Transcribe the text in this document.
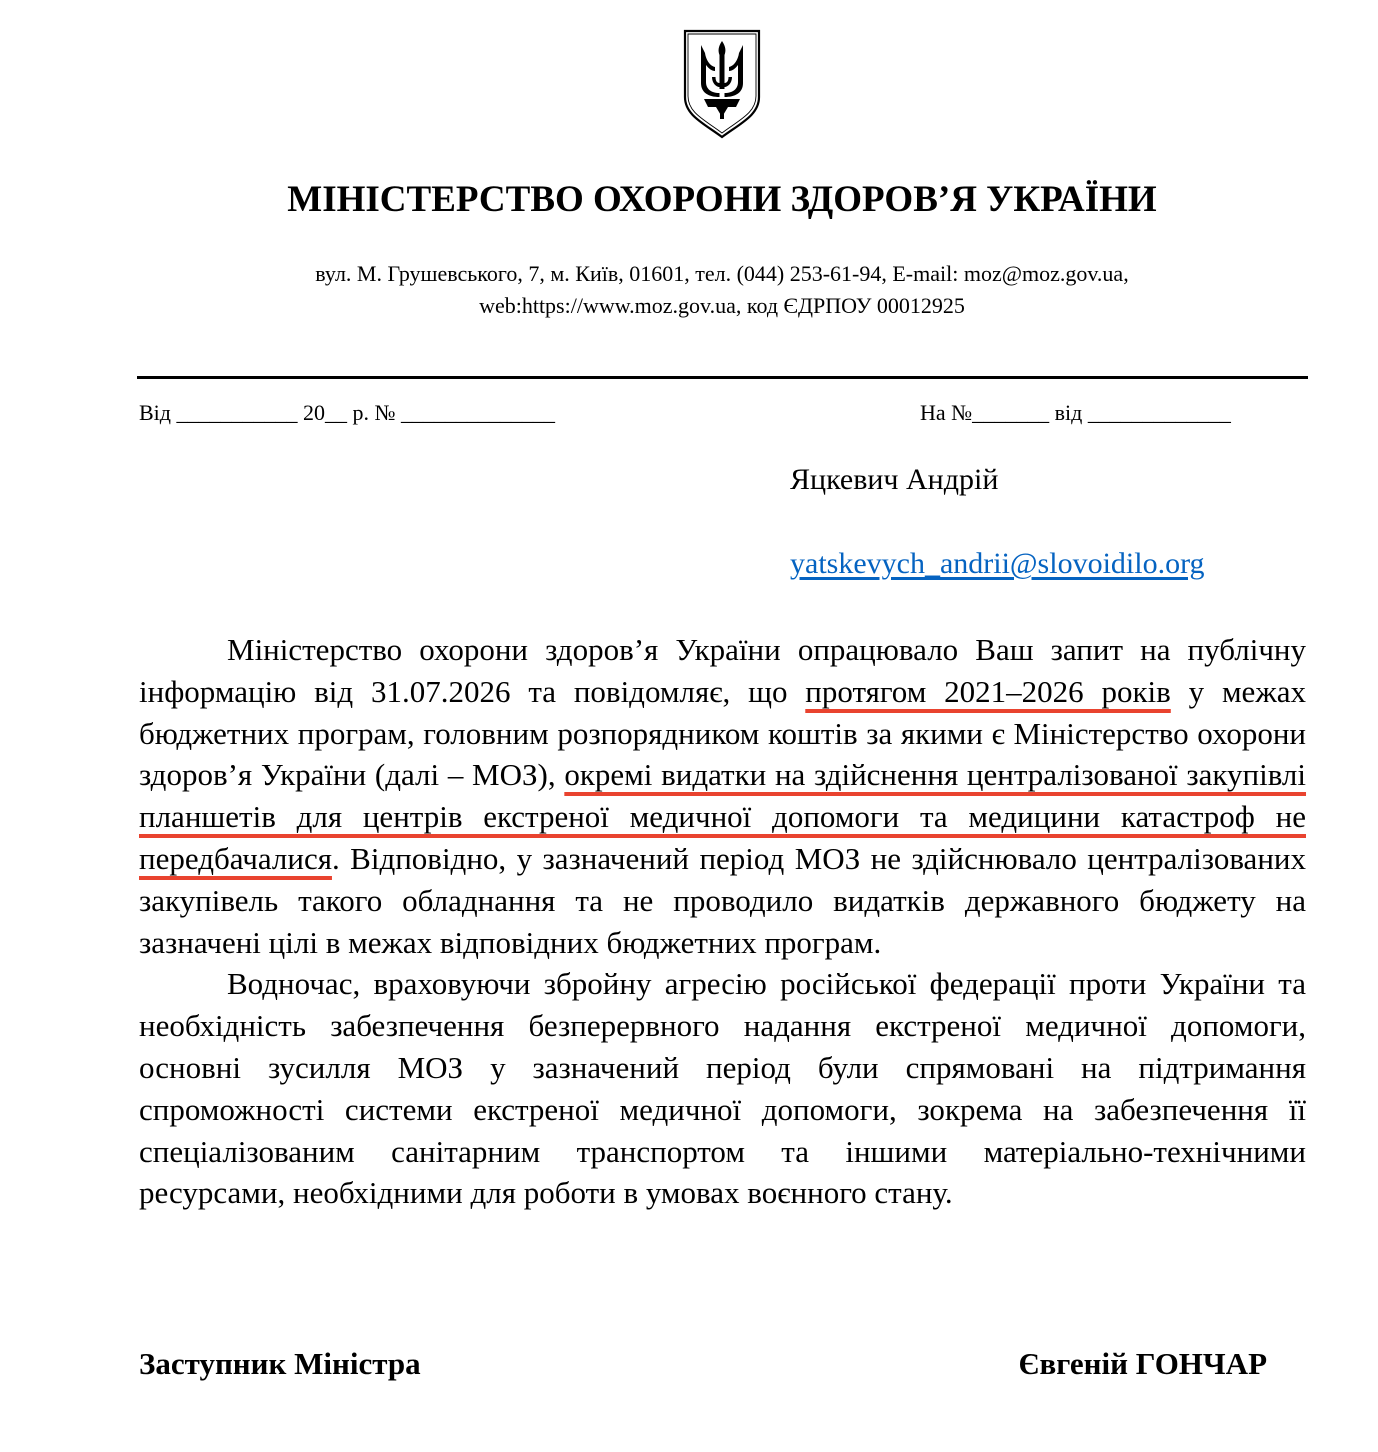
МІНІСТЕРСТВО ОХОРОНИ ЗДОРОВ’Я УКРАЇНИ
вул. М. Грушевського, 7, м. Київ, 01601, тел. (044) 253-61-94, E-mail: moz@moz.gov.ua,
web:https://www.moz.gov.ua, код ЄДРПОУ 00012925
Від ___________ 20__ р. № ______________	На №_______ від _____________
Яцкевич Андрій
yatskevych_andrii@slovoidilo.org

Міністерство охорони здоров’я України опрацювало Ваш запит на публічну інформацію від 31.07.2026 та повідомляє, що протягом 2021–2026 років у межах бюджетних програм, головним розпорядником коштів за якими є Міністерство охорони здоров’я України (далі – МОЗ), окремі видатки на здійснення централізованої закупівлі планшетів для центрів екстреної медичної допомоги та медицини катастроф не передбачалися. Відповідно, у зазначений період МОЗ не здійснювало централізованих закупівель такого обладнання та не проводило видатків державного бюджету на зазначені цілі в межах відповідних бюджетних програм.

Водночас, враховуючи збройну агресію російської федерації проти України та необхідність забезпечення безперервного надання екстреної медичної допомоги, основні зусилля МОЗ у зазначений період були спрямовані на підтримання спроможності системи екстреної медичної допомоги, зокрема на забезпечення її спеціалізованим санітарним транспортом та іншими матеріально-технічними ресурсами, необхідними для роботи в умовах воєнного стану.

Заступник Міністра	Євгеній ГОНЧАР
